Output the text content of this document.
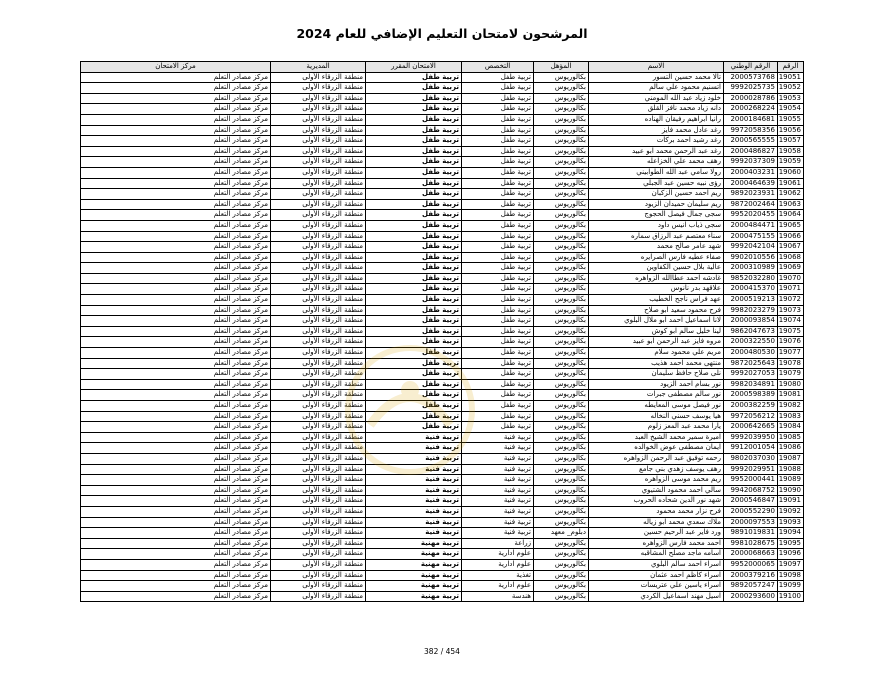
المرشحون لامتحان التعليم الإضافي للعام 2024
الرقم	الرقم الوطني	الاسم	المؤهل	التخصص	الامتحان المقرر	المديرية	مركز الامتحان
19051	2000573768	تالا محمد حسين التسور	بكالوريوس	تربية طفل	تربية طفل	منطقة الزرقاء الأولى	مركز مصادر التعلم
19052	9992025735	اتسنيم محمود علي سالم	بكالوريوس	تربية طفل	تربية طفل	منطقة الزرقاء الأولى	مركز مصادر التعلم
19053	2000028786	خلود زياد عبد الله المومني	بكالوريوس	تربية طفل	تربية طفل	منطقة الزرقاء الأولى	مركز مصادر التعلم
19054	2000268224	دانه زياد محمد نافز القلق	بكالوريوس	تربية طفل	تربية طفل	منطقة الزرقاء الأولى	مركز مصادر التعلم
19055	2000184681	رانيا ابراهيم رفيقان الهناده	بكالوريوس	تربية طفل	تربية طفل	منطقة الزرقاء الأولى	مركز مصادر التعلم
19056	9972058356	رغد عادل محمد فايز	بكالوريوس	تربية طفل	تربية طفل	منطقة الزرقاء الأولى	مركز مصادر التعلم
19057	2000565555	رغد رشيد احمد بركات	بكالوريوس	تربية طفل	تربية طفل	منطقة الزرقاء الأولى	مركز مصادر التعلم
19058	2000486827	رغد عبد الرحمن محمد ابو عبيد	بكالوريوس	تربية طفل	تربية طفل	منطقة الزرقاء الأولى	مركز مصادر التعلم
19059	9992037309	رهف محمد علي الخزاعله	بكالوريوس	تربية طفل	تربية طفل	منطقة الزرقاء الأولى	مركز مصادر التعلم
19060	2000403231	رولا سامي عبد الله الطوابيني	بكالوريوس	تربية طفل	تربية طفل	منطقة الزرقاء الأولى	مركز مصادر التعلم
19061	2000464639	رؤى نبيه حسين عبد الجبلي	بكالوريوس	تربية طفل	تربية طفل	منطقة الزرقاء الأولى	مركز مصادر التعلم
19062	9892023931	ريم احمد حسين الزكبان	بكالوريوس	تربية طفل	تربية طفل	منطقة الزرقاء الأولى	مركز مصادر التعلم
19063	9872002464	ريم سليمان حميدان الزيود	بكالوريوس	تربية طفل	تربية طفل	منطقة الزرقاء الأولى	مركز مصادر التعلم
19064	9952020455	سجى جمال فيصل الحجوج	بكالوريوس	تربية طفل	تربية طفل	منطقة الزرقاء الأولى	مركز مصادر التعلم
19065	2000484471	سجى ذياب انيس داود	بكالوريوس	تربية طفل	تربية طفل	منطقة الزرقاء الأولى	مركز مصادر التعلم
19066	2000475155	سناء معتصم عبد الرزاق سماره	بكالوريوس	تربية طفل	تربية طفل	منطقة الزرقاء الأولى	مركز مصادر التعلم
19067	9992042104	شهد عامر صالح محمد	بكالوريوس	تربية طفل	تربية طفل	منطقة الزرقاء الأولى	مركز مصادر التعلم
19068	9902010556	صفاء عطيه فارس الصرايره	بكالوريوس	تربية طفل	تربية طفل	منطقة الزرقاء الأولى	مركز مصادر التعلم
19069	2000310989	عالية بلال حسين الكفاوين	بكالوريوس	تربية طفل	تربية طفل	منطقة الزرقاء الأولى	مركز مصادر التعلم
19070	9852032280	غادشه احمد عطاالله الزواهره	بكالوريوس	تربية طفل	تربية طفل	منطقة الزرقاء الأولى	مركز مصادر التعلم
19071	2000415370	علاقهد بدر نانوس	بكالوريوس	تربية طفل	تربية طفل	منطقة الزرقاء الأولى	مركز مصادر التعلم
19072	2000519213	عهد فراس ناجح الخطيب	بكالوريوس	تربية طفل	تربية طفل	منطقة الزرقاء الأولى	مركز مصادر التعلم
19073	9982023279	فرح محمود سعيد ابو صلاح	بكالوريوس	تربية طفل	تربية طفل	منطقة الزرقاء الأولى	مركز مصادر التعلم
19074	2000093854	لانا اسماعيل احمد ابو ملال البلوي	بكالوريوس	تربية طفل	تربية طفل	منطقة الزرقاء الأولى	مركز مصادر التعلم
19075	9862047673	لينا خليل سالم ابو كوش	بكالوريوس	تربية طفل	تربية طفل	منطقة الزرقاء الأولى	مركز مصادر التعلم
19076	2000322550	مروه فايز عبد الرحمن ابو عبيد	بكالوريوس	تربية طفل	تربية طفل	منطقة الزرقاء الأولى	مركز مصادر التعلم
19077	2000480530	مريم علي محمود سلام	بكالوريوس	تربية طفل	تربية طفل	منطقة الزرقاء الأولى	مركز مصادر التعلم
19078	9872025643	منتهى محمد احمد هذيب	بكالوريوس	تربية طفل	تربية طفل	منطقة الزرقاء الأولى	مركز مصادر التعلم
19079	9992027053	نلى صلاح حافظ سليمان	بكالوريوس	تربية طفل	تربية طفل	منطقة الزرقاء الأولى	مركز مصادر التعلم
19080	9982034891	نور بسام احمد الزيود	بكالوريوس	تربية طفل	تربية طفل	منطقة الزرقاء الأولى	مركز مصادر التعلم
19081	2000598389	نور سالم مصطفى جبرات	بكالوريوس	تربية طفل	تربية طفل	منطقة الزرقاء الأولى	مركز مصادر التعلم
19082	2000382259	نور فيصل موسى المعايطه	بكالوريوس	تربية طفل	تربية طفل	منطقة الزرقاء الأولى	مركز مصادر التعلم
19083	9972056212	هيا يوسف حسني النخاله	بكالوريوس	تربية طفل	تربية طفل	منطقة الزرقاء الأولى	مركز مصادر التعلم
19084	2000642665	يارا محمد عبد المعز زلوم	بكالوريوس	تربية طفل	تربية طفل	منطقة الزرقاء الأولى	مركز مصادر التعلم
19085	9992039950	اميرة سمير محمد الشيخ العبد	بكالوريوس	تربية فنية	تربية فنية	منطقة الزرقاء الأولى	مركز مصادر التعلم
19086	9912001054	ايمان مصطفى عوض الخوالده	بكالوريوس	تربية فنية	تربية فنية	منطقة الزرقاء الأولى	مركز مصادر التعلم
19087	9802037030	رحمه توفيق عبد الرحمن الزواهره	بكالوريوس	تربية فنية	تربية فنية	منطقة الزرقاء الأولى	مركز مصادر التعلم
19088	9992029951	رهف يوسف زهدي بني جامع	بكالوريوس	تربية فنية	تربية فنية	منطقة الزرقاء الأولى	مركز مصادر التعلم
19089	9952000441	ريم محمد موسى الزواهره	بكالوريوس	تربية فنية	تربية فنية	منطقة الزرقاء الأولى	مركز مصادر التعلم
19090	9942068752	سالي احمد محمود الشتيوي	بكالوريوس	تربية فنية	تربية فنية	منطقة الزرقاء الأولى	مركز مصادر التعلم
19091	2000546847	شهد نور الدين شحاده الحروب	بكالوريوس	تربية فنية	تربية فنية	منطقة الزرقاء الأولى	مركز مصادر التعلم
19092	2000552290	فرح نزار محمد محمود	بكالوريوس	تربية فنية	تربية فنية	منطقة الزرقاء الأولى	مركز مصادر التعلم
19093	2000097553	ملاك سعدي محمد ابو زياله	بكالوريوس	تربية فنية	تربية فنية	منطقة الزرقاء الأولى	مركز مصادر التعلم
19094	9891019831	ورد فاير عبد الرحيم حسين	دبلوم_ معهد	تربية فنية	تربية فنية	منطقة الزرقاء الأولى	مركز مصادر التعلم
19095	9981028675	احمد محمد فارس الزواهره	بكالوريوس	زراعة	تربية مهنية	منطقة الزرقاء الأولى	مركز مصادر التعلم
19096	2000068663	اسامه ماجد مصلح المشاقبه	بكالوريوس	علوم ادارية	تربية مهنية	منطقة الزرقاء الأولى	مركز مصادر التعلم
19097	9952000065	اسراء احمد سالم البلوي	بكالوريوس	علوم ادارية	تربية مهنية	منطقة الزرقاء الأولى	مركز مصادر التعلم
19098	2000379216	اسراء كاظم احمد عثمان	بكالوريوس	تغذية	تربية مهنية	منطقة الزرقاء الأولى	مركز مصادر التعلم
19099	9892057247	اسراء ياسين علي عتريسات	بكالوريوس	علوم ادارية	تربية مهنية	منطقة الزرقاء الأولى	مركز مصادر التعلم
19100	2000293600	اسيل مهند اسماعيل الكردي	بكالوريوس	هندسة	تربية مهنية	منطقة الزرقاء الأولى	مركز مصادر التعلم
382 / 454
